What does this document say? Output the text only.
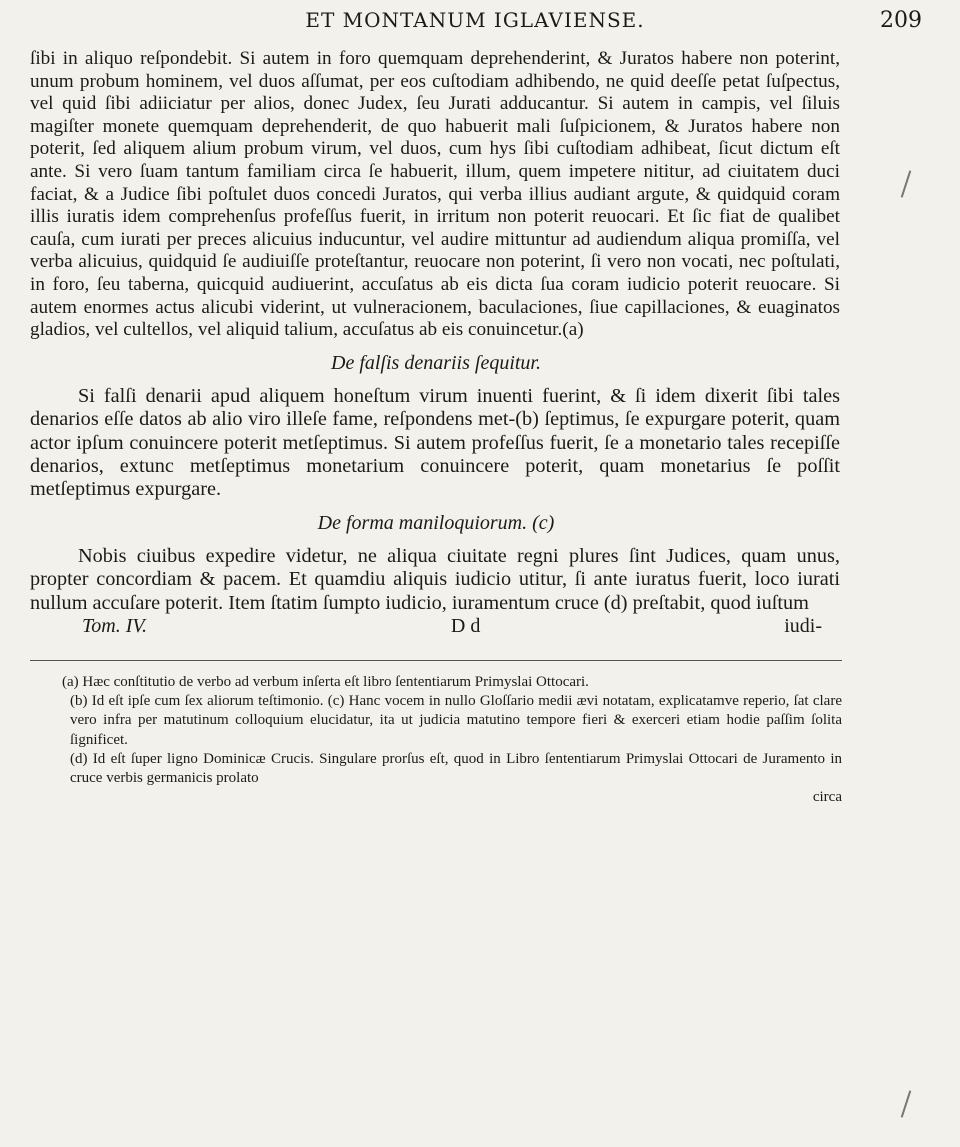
ET MONTANUM IGLAVIENSE.	209

ſibi in aliquo reſpondebit. Si autem in foro quemquam deprehenderint, & Juratos habere non poterint, unum probum hominem, vel duos aſſumat, per eos cuſtodiam adhibendo, ne quid deeſſe petat ſuſpectus, vel quid ſibi adiiciatur per alios, donec Judex, ſeu Jurati adducantur. Si autem in campis, vel ſiluis magiſter monete quemquam deprehenderit, de quo habuerit mali ſuſpicionem, & Juratos habere non poterit, ſed aliquem alium probum virum, vel duos, cum hys ſibi cuſtodiam adhibeat, ſicut dictum eſt ante. Si vero ſuam tantum familiam circa ſe habuerit, illum, quem impetere nititur, ad ciuitatem duci faciat, & a Judice ſibi poſtulet duos concedi Juratos, qui verba illius audiant argute, & quidquid coram illis iuratis idem comprehenſus profeſſus fuerit, in irritum non poterit reuocari. Et ſic fiat de qualibet cauſa, cum iurati per preces alicuius inducuntur, vel audire mittuntur ad audiendum aliqua promiſſa, vel verba alicuius, quidquid ſe audiuiſſe proteſtantur, reuocare non poterint, ſi vero non vocati, nec poſtulati, in foro, ſeu taberna, quicquid audiuerint, accuſatus ab eis dicta ſua coram iudicio poterit reuocare. Si autem enormes actus alicubi viderint, ut vulneracionem, baculaciones, ſiue capillaciones, & euaginatos gladios, vel cultellos, vel aliquid talium, accuſatus ab eis conuincetur.(a)

De falſis denariis ſequitur.

Si falſi denarii apud aliquem honeſtum virum inuenti fuerint, & ſi idem dixerit ſibi tales denarios eſſe datos ab alio viro illeſe fame, reſpondens met-(b) ſeptimus, ſe expurgare poterit, quam actor ipſum conuincere poterit metſeptimus. Si autem profeſſus fuerit, ſe a monetario tales recepiſſe denarios, extunc metſeptimus monetarium conuincere poterit, quam monetarius ſe poſſit metſeptimus expurgare.

De forma maniloquiorum. (c)

Nobis ciuibus expedire videtur, ne aliqua ciuitate regni plures ſint Judices, quam unus, propter concordiam & pacem. Et quamdiu aliquis iudicio utitur, ſi ante iuratus fuerit, loco iurati nullum accuſare poterit. Item ſtatim ſumpto iudicio, iuramentum cruce (d) preſtabit, quod iuſtum

Tom. IV.	D d	iudi-

(a) Hæc conſtitutio de verbo ad verbum inſerta eſt libro ſententiarum Primyslai Ottocari.

(b) Id eſt ipſe cum ſex aliorum teſtimonio. (c) Hanc vocem in nullo Gloſſario medii ævi notatam, explicatamve reperio, ſat clare vero infra per matutinum colloquium elucidatur, ita ut judicia matutino tempore fieri & exerceri etiam hodie paſſim ſolita ſignificet.

(d) Id eſt ſuper ligno Dominicæ Crucis. Singulare prorſus eſt, quod in Libro ſententiarum Primyslai Ottocari de Juramento in cruce verbis germanicis prolato

circa
